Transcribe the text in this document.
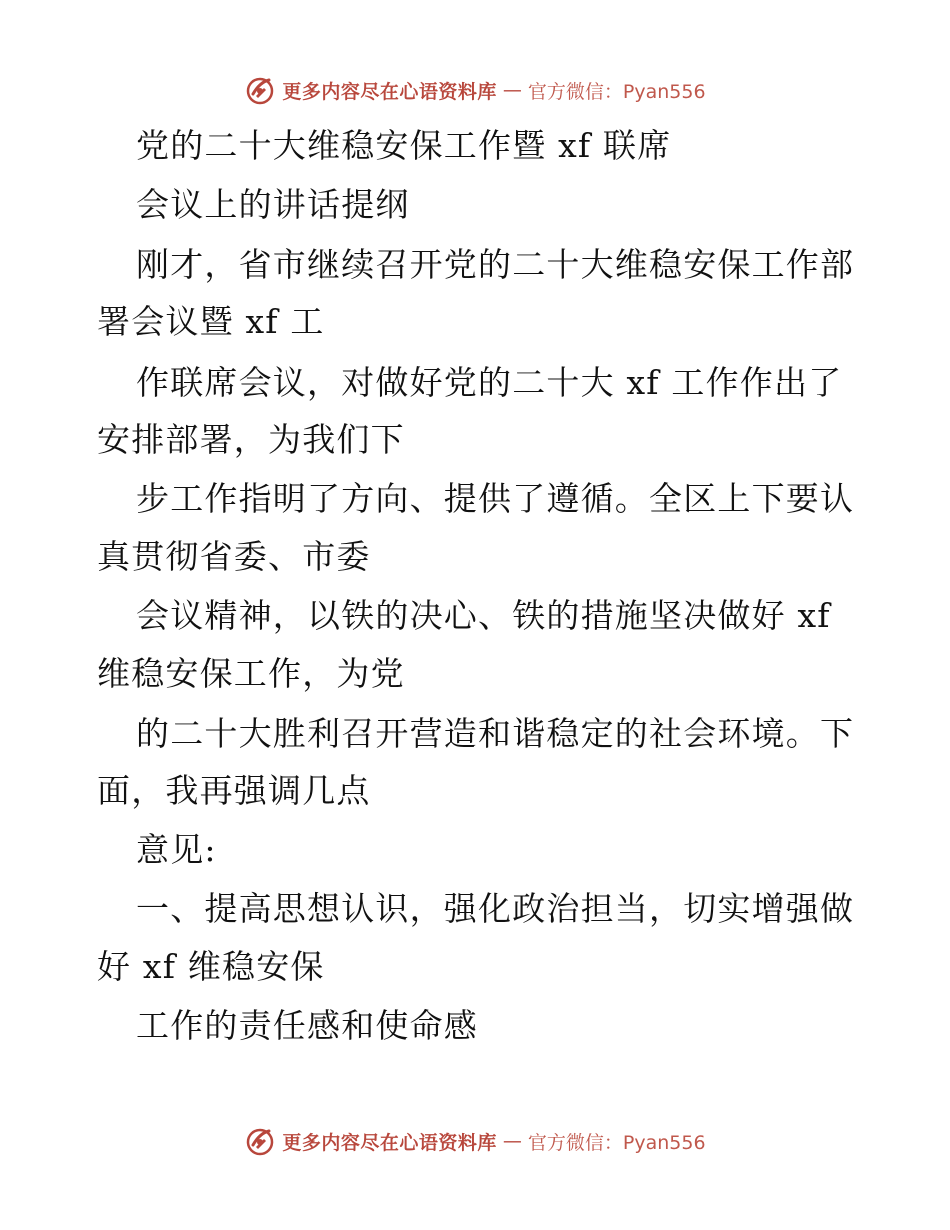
更多内容尽在心语资料库 — 官方微信：Pyan556
党的二十大维稳安保工作暨 xf 联席
会议上的讲话提纲
刚才，省市继续召开党的二十大维稳安保工作部
署会议暨 xf 工
作联席会议，对做好党的二十大 xf 工作作出了
安排部署，为我们下
步工作指明了方向、提供了遵循。全区上下要认
真贯彻省委、市委
会议精神，以铁的决心、铁的措施坚决做好 xf
维稳安保工作，为党
的二十大胜利召开营造和谐稳定的社会环境。下
面，我再强调几点
意见:
一、提高思想认识，强化政治担当，切实增强做
好 xf 维稳安保
工作的责任感和使命感
更多内容尽在心语资料库 — 官方微信：Pyan556
